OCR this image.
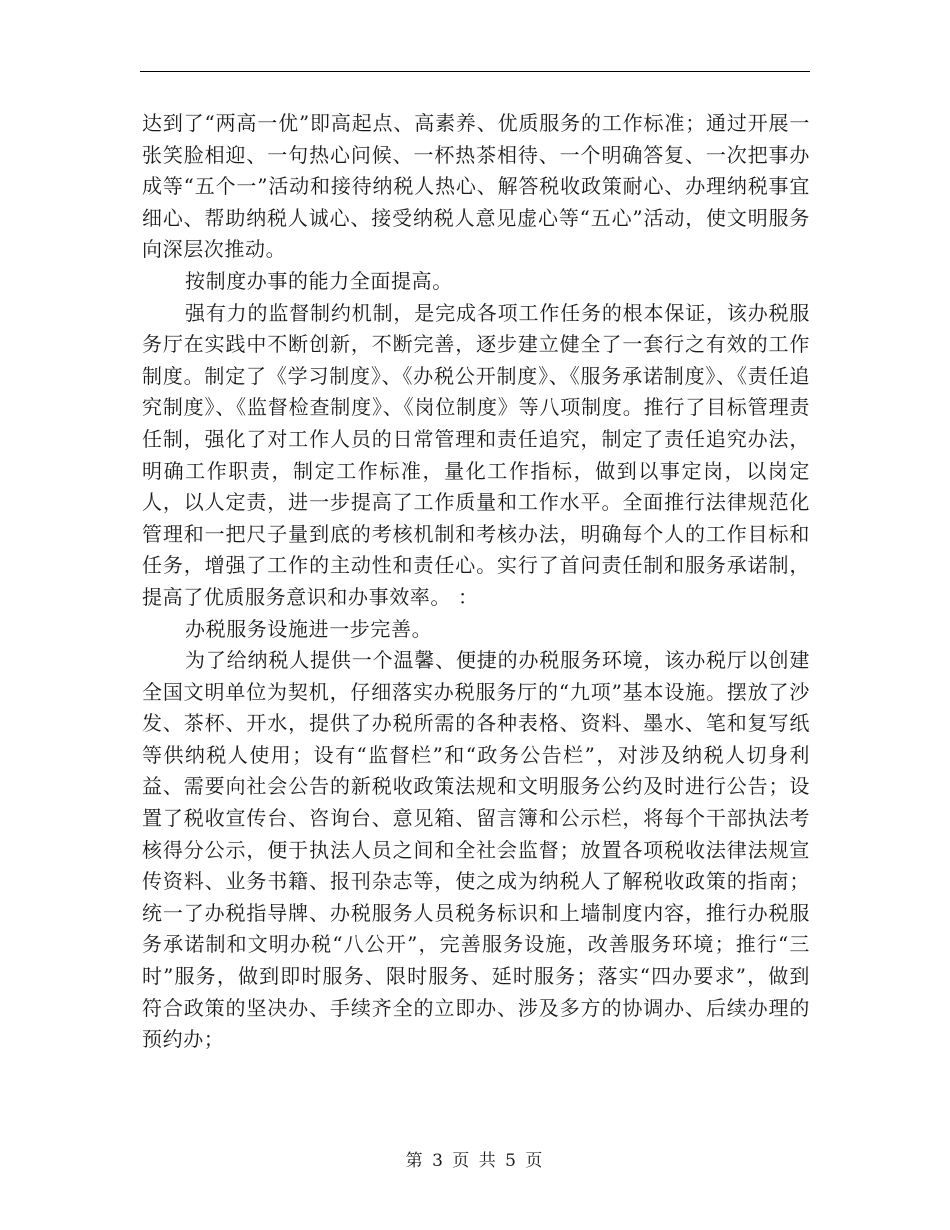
达到了“两高一优”即高起点、高素养、优质服务的工作标准；通过开展一张笑脸相迎、一句热心问候、一杯热茶相待、一个明确答复、一次把事办成等“五个一”活动和接待纳税人热心、解答税收政策耐心、办理纳税事宜细心、帮助纳税人诚心、接受纳税人意见虚心等“五心”活动，使文明服务向深层次推动。

按制度办事的能力全面提高。

强有力的监督制约机制，是完成各项工作任务的根本保证，该办税服务厅在实践中不断创新，不断完善，逐步建立健全了一套行之有效的工作制度。制定了《学习制度》、《办税公开制度》、《服务承诺制度》、《责任追究制度》、《监督检查制度》、《岗位制度》等八项制度。推行了目标管理责任制，强化了对工作人员的日常管理和责任追究，制定了责任追究办法，明确工作职责，制定工作标准，量化工作指标，做到以事定岗，以岗定人，以人定责，进一步提高了工作质量和工作水平。全面推行法律规范化管理和一把尺子量到底的考核机制和考核办法，明确每个人的工作目标和任务，增强了工作的主动性和责任心。实行了首问责任制和服务承诺制，提高了优质服务意识和办事效率。 ：

办税服务设施进一步完善。

为了给纳税人提供一个温馨、便捷的办税服务环境，该办税厅以创建全国文明单位为契机，仔细落实办税服务厅的“九项”基本设施。摆放了沙发、茶杯、开水，提供了办税所需的各种表格、资料、墨水、笔和复写纸等供纳税人使用；设有“监督栏”和“政务公告栏”，对涉及纳税人切身利益、需要向社会公告的新税收政策法规和文明服务公约及时进行公告；设置了税收宣传台、咨询台、意见箱、留言簿和公示栏，将每个干部执法考核得分公示，便于执法人员之间和全社会监督；放置各项税收法律法规宣传资料、业务书籍、报刊杂志等，使之成为纳税人了解税收政策的指南；统一了办税指导牌、办税服务人员税务标识和上墙制度内容，推行办税服务承诺制和文明办税“八公开”，完善服务设施，改善服务环境；推行“三时”服务，做到即时服务、限时服务、延时服务；落实“四办要求”，做到符合政策的坚决办、手续齐全的立即办、涉及多方的协调办、后续办理的预约办；

第 3 页 共 5 页
